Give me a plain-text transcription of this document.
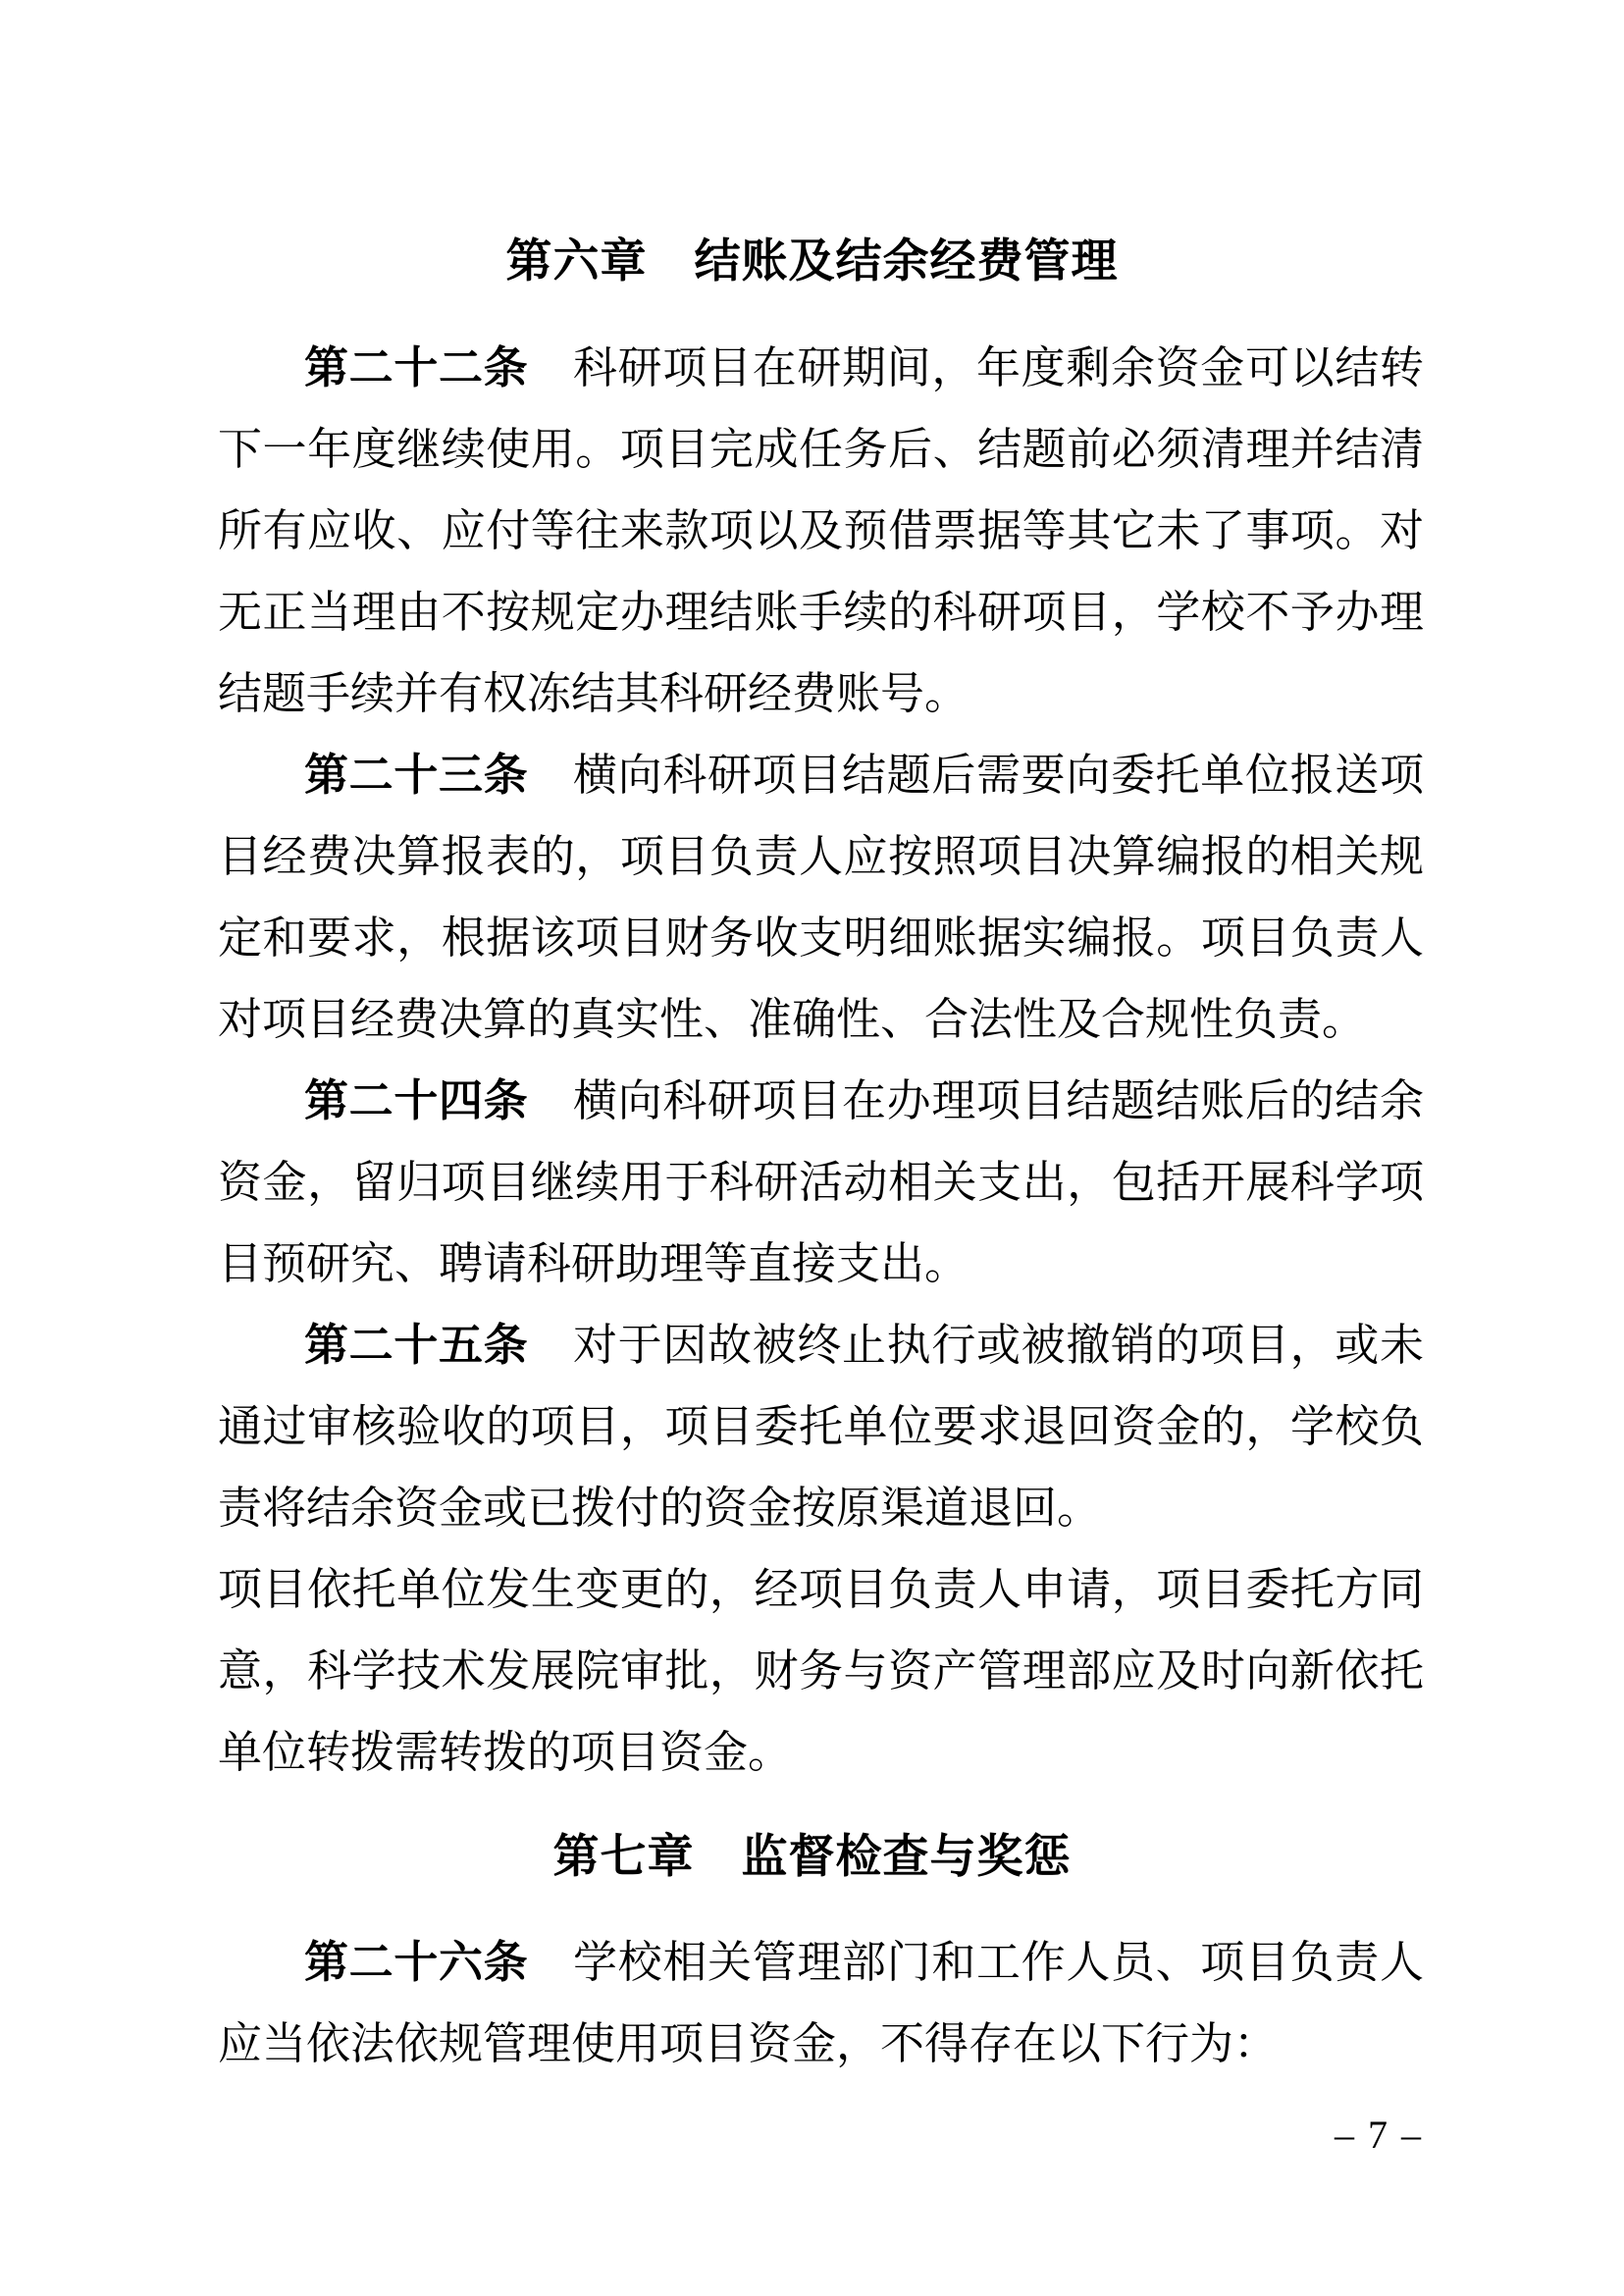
第六章　结账及结余经费管理
第二十二条　科研项目在研期间，年度剩余资金可以结转
下一年度继续使用。项目完成任务后、结题前必须清理并结清
所有应收、应付等往来款项以及预借票据等其它未了事项。对
无正当理由不按规定办理结账手续的科研项目，学校不予办理
结题手续并有权冻结其科研经费账号。
第二十三条　横向科研项目结题后需要向委托单位报送项
目经费决算报表的，项目负责人应按照项目决算编报的相关规
定和要求，根据该项目财务收支明细账据实编报。项目负责人
对项目经费决算的真实性、准确性、合法性及合规性负责。
第二十四条　横向科研项目在办理项目结题结账后的结余
资金，留归项目继续用于科研活动相关支出，包括开展科学项
目预研究、聘请科研助理等直接支出。
第二十五条　对于因故被终止执行或被撤销的项目，或未
通过审核验收的项目，项目委托单位要求退回资金的，学校负
责将结余资金或已拨付的资金按原渠道退回。
项目依托单位发生变更的，经项目负责人申请，项目委托方同
意，科学技术发展院审批，财务与资产管理部应及时向新依托
单位转拨需转拨的项目资金。
第七章　监督检查与奖惩
第二十六条　学校相关管理部门和工作人员、项目负责人
应当依法依规管理使用项目资金，不得存在以下行为：
– 7 –
